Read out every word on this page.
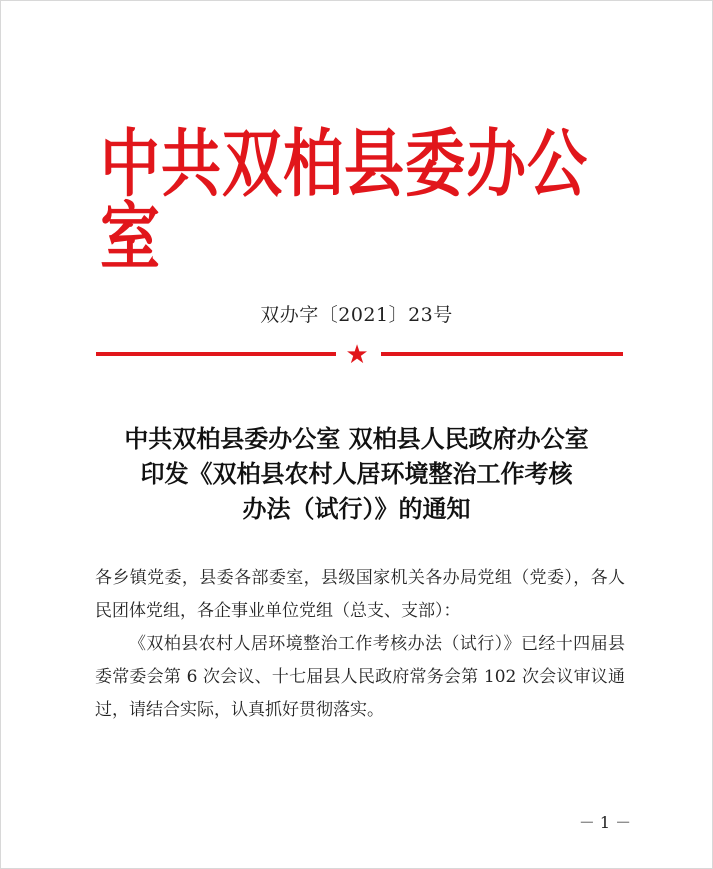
中共双柏县委办公室
双办字〔2021〕23号
★
中共双柏县委办公室 双柏县人民政府办公室
印发《双柏县农村人居环境整治工作考核
办法（试行）》的通知

各乡镇党委，县委各部委室，县级国家机关各办局党组（党委），各人民团体党组，各企事业单位党组（总支、支部）：

《双柏县农村人居环境整治工作考核办法（试行）》已经十四届县委常委会第 6 次会议、十七届县人民政府常务会第 102 次会议审议通过，请结合实际，认真抓好贯彻落实。

－ 1 －
